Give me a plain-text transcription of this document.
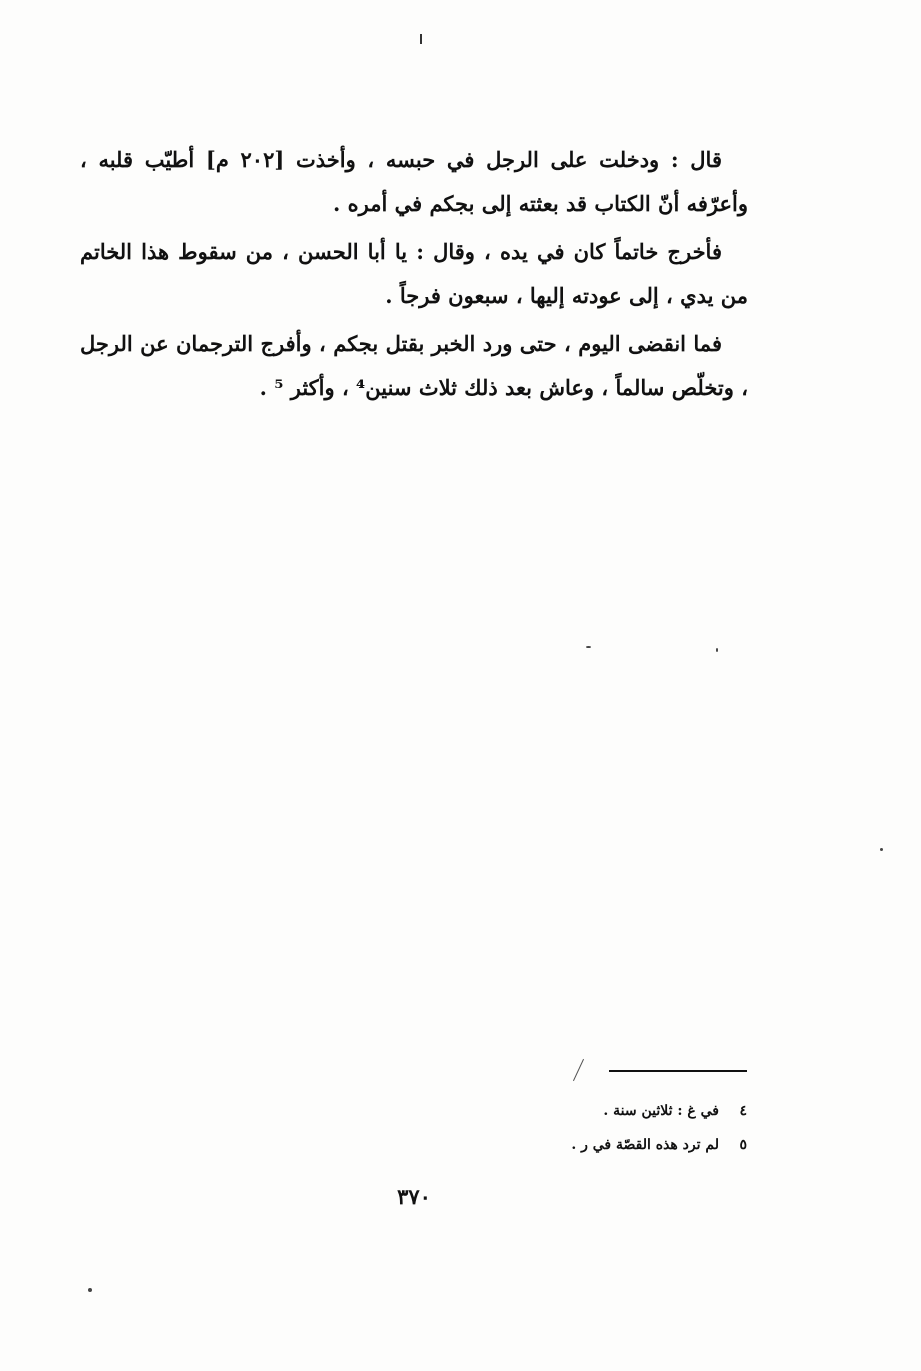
قال : ودخلت على الرجل في حبسه ، وأخذت [٢٠٢ م] أطيّب قلبه ، وأعرّفه أنّ الكتاب قد بعثته إلى بجكم في أمره .

فأخرج خاتماً كان في يده ، وقال : يا أبا الحسن ، من سقوط هذا الخاتم من يدي ، إلى عودته إليها ، سبعون فرجاً .

فما انقضى اليوم ، حتى ورد الخبر بقتل بجكم ، وأفرج الترجمان عن الرجل ، وتخلّص سالماً ، وعاش بعد ذلك ثلاث سنين⁴ ، وأكثر ⁵ .

٤في غ : ثلاثين سنة .
٥لم ترد هذه القصّة في ر .
٣٧٠
